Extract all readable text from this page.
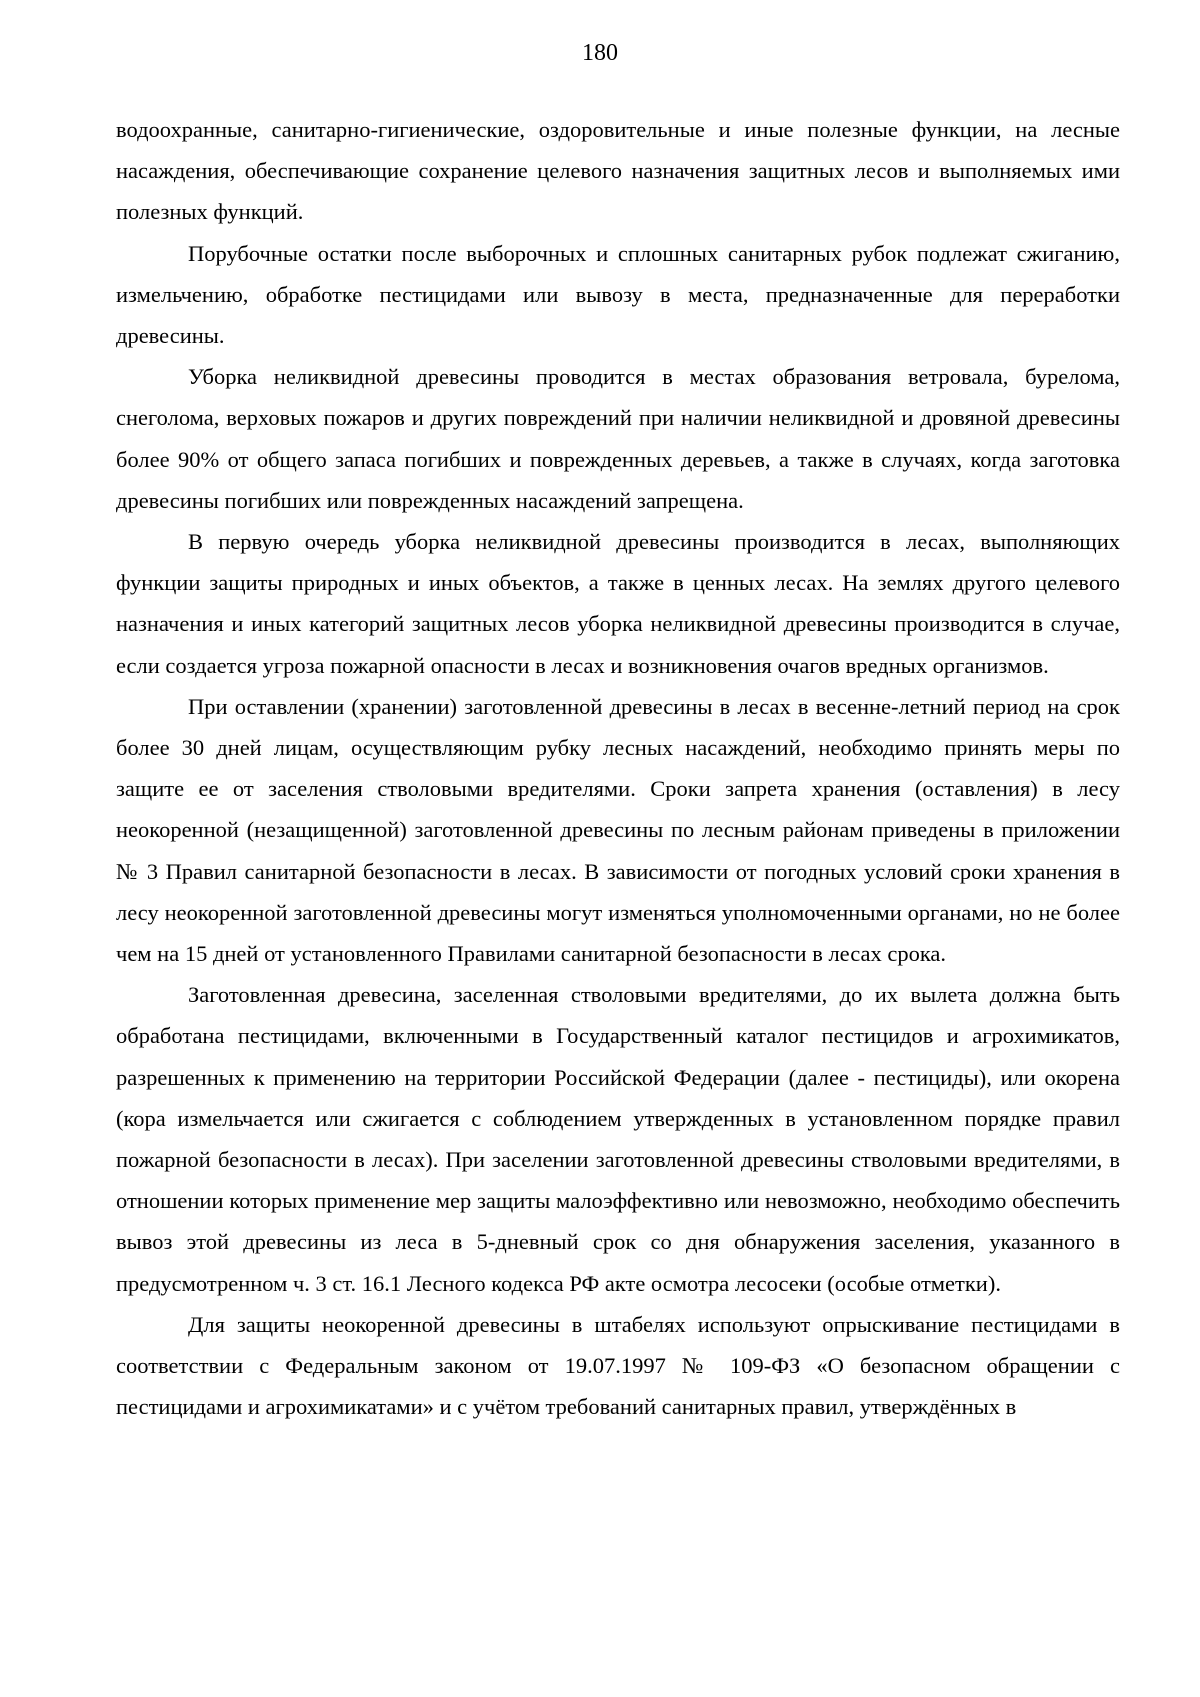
180

водоохранные, санитарно-гигиенические, оздоровительные и иные полезные функции, на лесные насаждения, обеспечивающие сохранение целевого назначения защитных лесов и выполняемых ими полезных функций.

Порубочные остатки после выборочных и сплошных санитарных рубок подлежат сжиганию, измельчению, обработке пестицидами или вывозу в места, предназначенные для переработки древесины.

Уборка неликвидной древесины проводится в местах образования ветровала, бурелома, снеголома, верховых пожаров и других повреждений при наличии неликвидной и дровяной древесины более 90% от общего запаса погибших и поврежденных деревьев, а также в случаях, когда заготовка древесины погибших или поврежденных насаждений запрещена.

В первую очередь уборка неликвидной древесины производится в лесах, выполняющих функции защиты природных и иных объектов, а также в ценных лесах. На землях другого целевого назначения и иных категорий защитных лесов уборка неликвидной древесины производится в случае, если создается угроза пожарной опасности в лесах и возникновения очагов вредных организмов.

При оставлении (хранении) заготовленной древесины в лесах в весенне-летний период на срок более 30 дней лицам, осуществляющим рубку лесных насаждений, необходимо принять меры по защите ее от заселения стволовыми вредителями. Сроки запрета хранения (оставления) в лесу неокоренной (незащищенной) заготовленной древесины по лесным районам приведены в приложении № 3 Правил санитарной безопасности в лесах. В зависимости от погодных условий сроки хранения в лесу неокоренной заготовленной древесины могут изменяться уполномоченными органами, но не более чем на 15 дней от установленного Правилами санитарной безопасности в лесах срока.

Заготовленная древесина, заселенная стволовыми вредителями, до их вылета должна быть обработана пестицидами, включенными в Государственный каталог пестицидов и агрохимикатов, разрешенных к применению на территории Российской Федерации (далее - пестициды), или окорена (кора измельчается или сжигается с соблюдением утвержденных в установленном порядке правил пожарной безопасности в лесах). При заселении заготовленной древесины стволовыми вредителями, в отношении которых применение мер защиты малоэффективно или невозможно, необходимо обеспечить вывоз этой древесины из леса в 5-дневный срок со дня обнаружения заселения, указанного в предусмотренном ч. 3 ст. 16.1 Лесного кодекса РФ акте осмотра лесосеки (особые отметки).

Для защиты неокоренной древесины в штабелях используют опрыскивание пестицидами в соответствии с Федеральным законом от 19.07.1997 № 109-ФЗ «О безопасном обращении с пестицидами и агрохимикатами» и с учётом требований санитарных правил, утверждённых в
